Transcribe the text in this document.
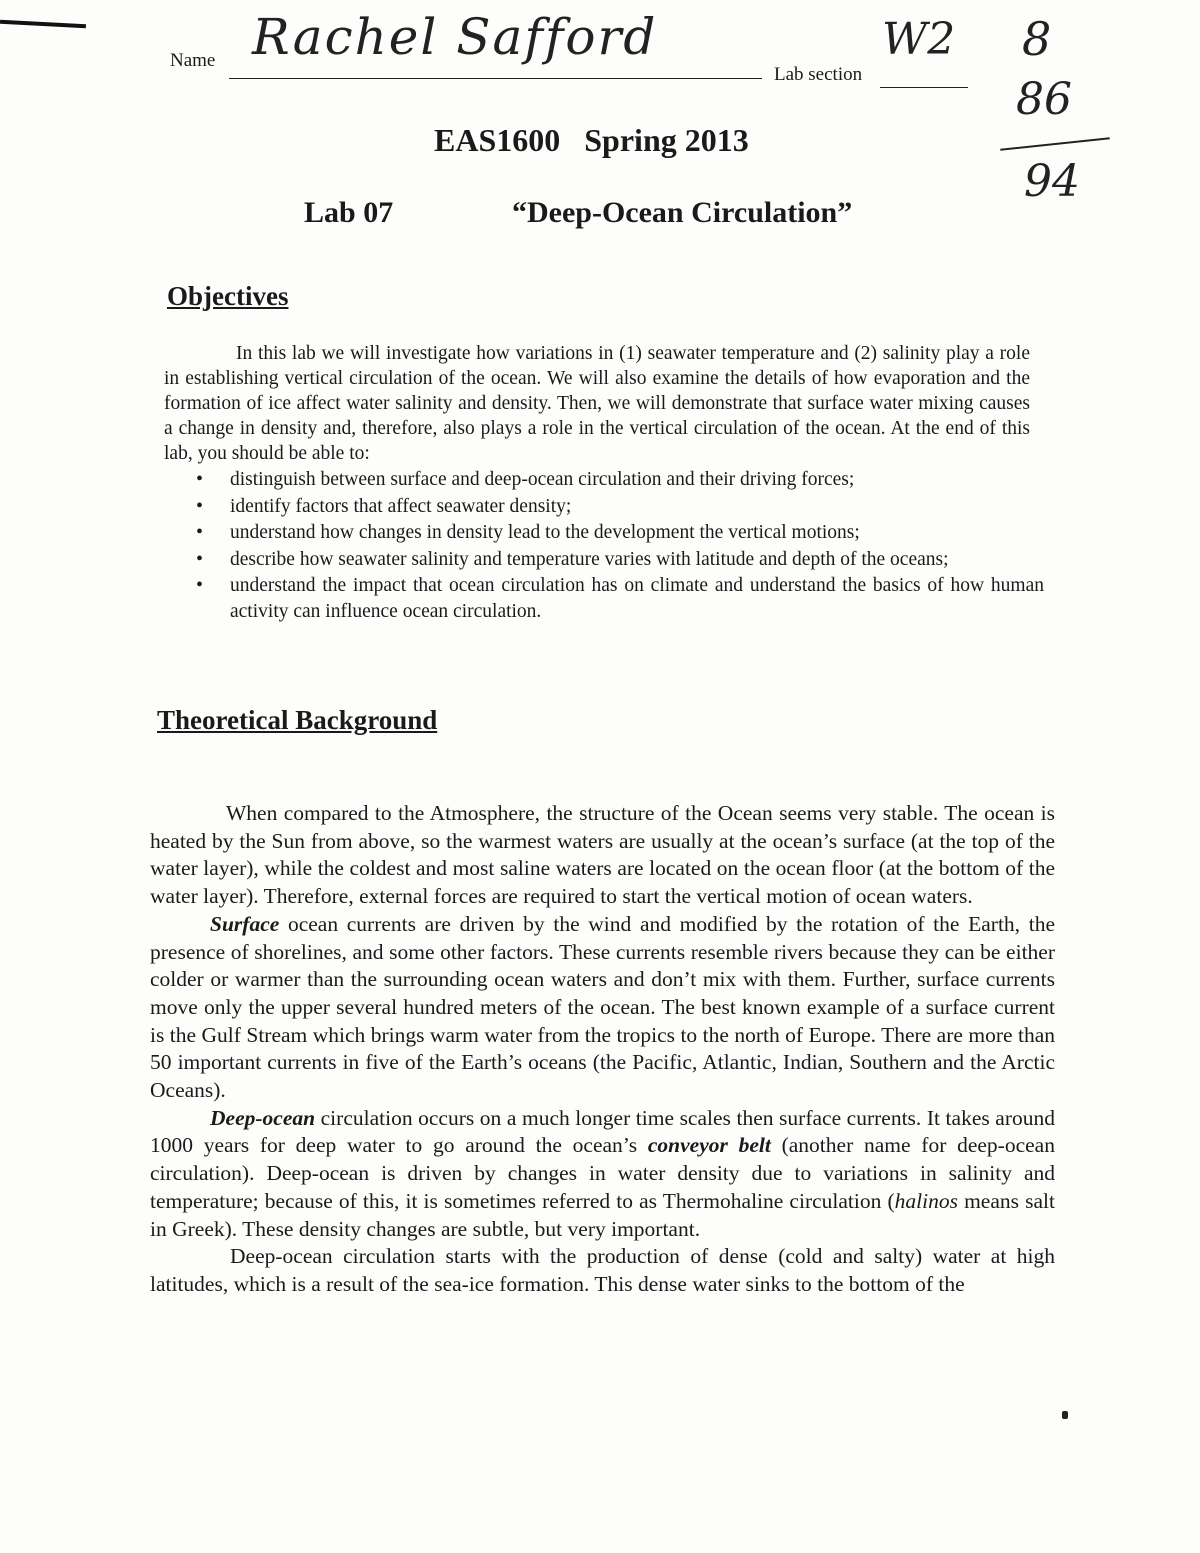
Name Rachel Safford
Lab section
W2 8
86
94
EAS1600   Spring 2013
Lab 07	“Deep-Ocean Circulation”
Objectives

In this lab we will investigate how variations in (1) seawater temperature and (2) salinity play a role in establishing vertical circulation of the ocean. We will also examine the details of how evaporation and the formation of ice affect water salinity and density. Then, we will demonstrate that surface water mixing causes a change in density and, therefore, also plays a role in the vertical circulation of the ocean. At the end of this lab, you should be able to:

• distinguish between surface and deep-ocean circulation and their driving forces;
• identify factors that affect seawater density;
• understand how changes in density lead to the development the vertical motions;
• describe how seawater salinity and temperature varies with latitude and depth of the oceans;
• understand the impact that ocean circulation has on climate and understand the basics of how human activity can influence ocean circulation.
Theoretical Background

When compared to the Atmosphere, the structure of the Ocean seems very stable. The ocean is heated by the Sun from above, so the warmest waters are usually at the ocean’s surface (at the top of the water layer), while the coldest and most saline waters are located on the ocean floor (at the bottom of the water layer). Therefore, external forces are required to start the vertical motion of ocean waters.

Surface ocean currents are driven by the wind and modified by the rotation of the Earth, the presence of shorelines, and some other factors. These currents resemble rivers because they can be either colder or warmer than the surrounding ocean waters and don’t mix with them. Further, surface currents move only the upper several hundred meters of the ocean. The best known example of a surface current is the Gulf Stream which brings warm water from the tropics to the north of Europe. There are more than 50 important currents in five of the Earth’s oceans (the Pacific, Atlantic, Indian, Southern and the Arctic Oceans).

Deep-ocean circulation occurs on a much longer time scales then surface currents. It takes around 1000 years for deep water to go around the ocean’s conveyor belt (another name for deep-ocean circulation). Deep-ocean is driven by changes in water density due to variations in salinity and temperature; because of this, it is sometimes referred to as Thermohaline circulation (halinos means salt in Greek). These density changes are subtle, but very important.

Deep-ocean circulation starts with the production of dense (cold and salty) water at high latitudes, which is a result of the sea-ice formation. This dense water sinks to the bottom of the
